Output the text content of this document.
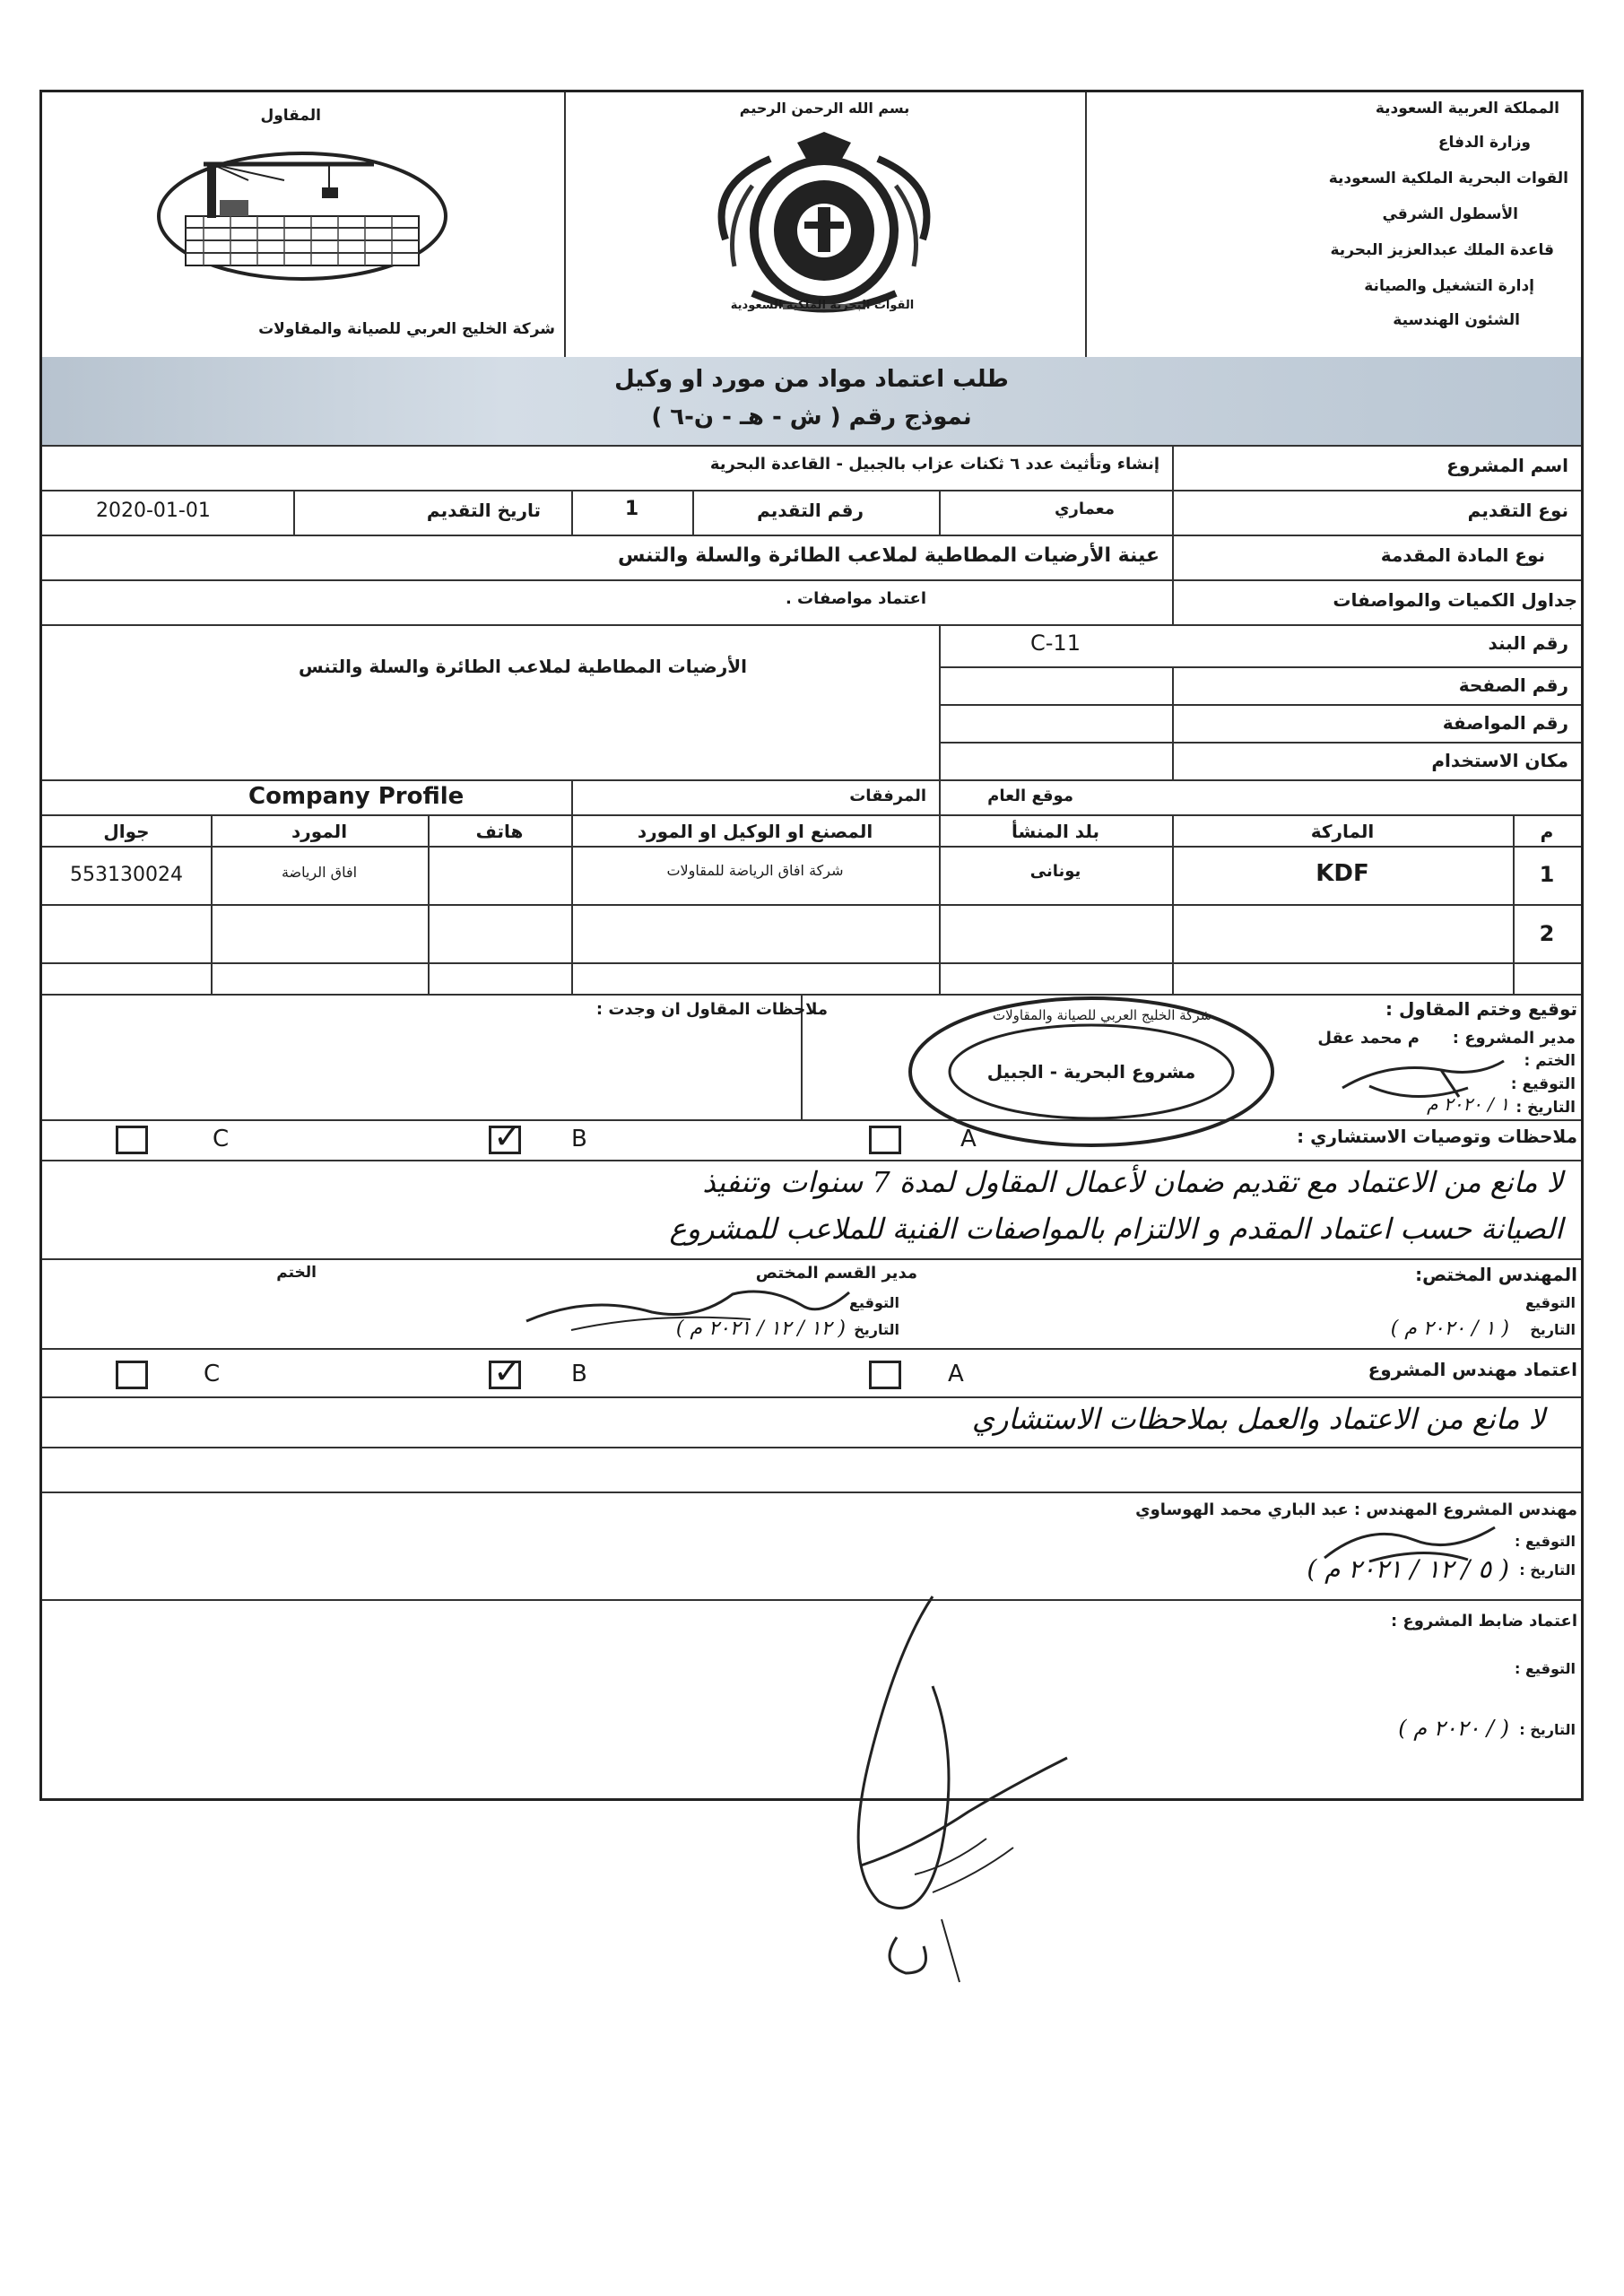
المملكة العربية السعودية
وزارة الدفاع
القوات البحرية الملكية السعودية
الأسطول الشرقي
قاعدة الملك عبدالعزيز البحرية
إدارة التشغيل والصيانة
الشئون الهندسية
بسم الله الرحمن الرحيم
القوات البحرية الملكية السعودية
المقاول
شركة الخليج العربي للصيانة والمقاولات
طلب اعتماد مواد من مورد او وكيل
نموذج رقم ( ش - هـ - ن-٦ )
اسم المشروع
إنشاء وتأثيث عدد ٦ ثكنات عزاب بالجبيل - القاعدة البحرية
نوع التقديم
معماري
رقم التقديم
1
تاريخ التقديم
2020-01-01
نوع المادة المقدمة
عينة الأرضيات المطاطية لملاعب الطائرة والسلة والتنس
جداول الكميات والمواصفات
اعتماد مواصفات .
الأرضيات المطاطية لملاعب الطائرة والسلة والتنس
رقم البند
C-11
رقم الصفحة
رقم المواصفة
مكان الاستخدام
موقع العام
المرفقات
Company Profile
م
الماركة
بلد المنشأ
المصنع او الوكيل او المورد
هاتف
المورد
جوال
1
KDF
يونانى
شركة افاق الرياضة للمقاولات
افاق الرياضة
553130024
2
توقيع وختم المقاول :
مدير المشروع :
م محمد عقل
الختم :
التوقيع :
التاريخ :
١ / ٢٠٢٠ م
ملاحظات المقاول ان وجدت :	شركة الخليج العربي للصيانة والمقاولات
مشروع البحرية - الجبيل
ملاحظات وتوصيات الاستشاري :
A
✓ B
C
لا مانع من الاعتماد مع تقديم ضمان لأعمال المقاول لمدة 7 سنوات وتنفيذ
الصيانة حسب اعتماد المقدم و الالتزام بالمواصفات الفنية للملاعب للمشروع
المهندس المختص:
مدير القسم المختص
الختم
التوقيع
التاريخ
( ١٢ / ١٢ / ٢٠٢١ م )
التوقيع
التاريخ
( ١ / ٢٠٢٠ م )
اعتماد مهندس المشروع
A
✓ B
C
لا مانع من الاعتماد والعمل بملاحظات الاستشاري
مهندس المشروع المهندس : عبد الباري محمد الهوساوي
التوقيع :
التاريخ :
( ٥ / ١٢ / ٢٠٢١ م )
اعتماد ضابط المشروع :
التوقيع :
التاريخ :
( / ٢٠٢٠ م )
